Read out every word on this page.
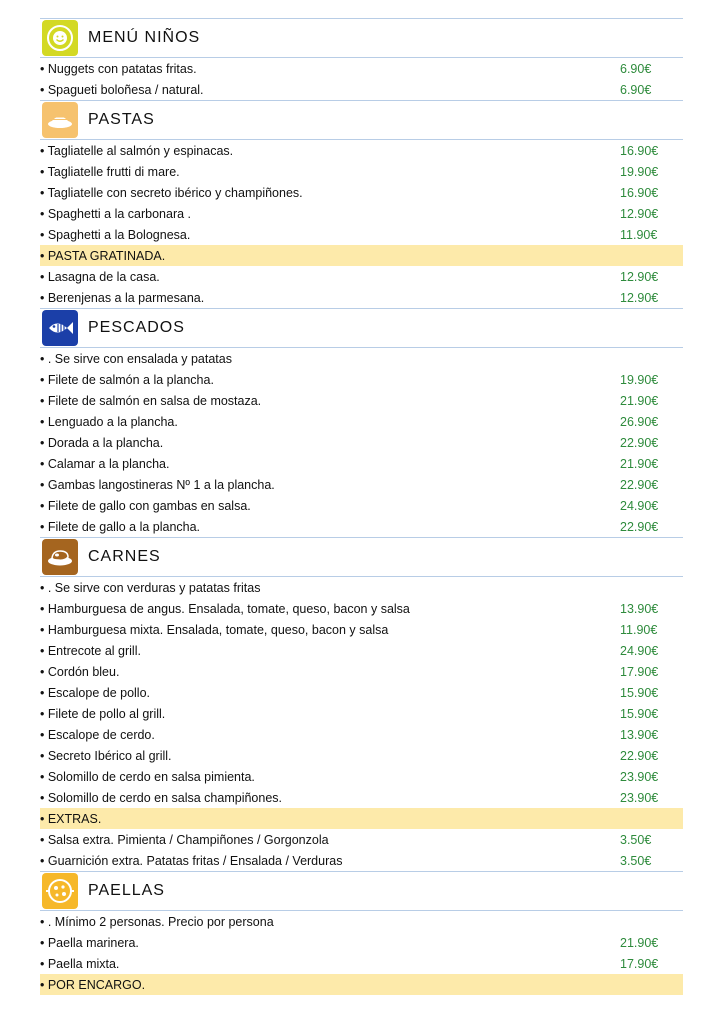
MENÚ NIÑOS
• Nuggets con patatas fritas.	6.90€
• Spagueti boloñesa / natural.	6.90€
PASTAS
• Tagliatelle al salmón y espinacas.	16.90€
• Tagliatelle frutti di mare.	19.90€
• Tagliatelle con secreto ibérico y champiñones.	16.90€
• Spaghetti a la carbonara .	12.90€
• Spaghetti a la Bolognesa.	11.90€
• PASTA GRATINADA.
• Lasagna de la casa.	12.90€
• Berenjenas a la parmesana.	12.90€
PESCADOS
• . Se sirve con ensalada y patatas
• Filete de salmón a la plancha.	19.90€
• Filete de salmón en salsa de mostaza.	21.90€
• Lenguado a la plancha.	26.90€
• Dorada a la plancha.	22.90€
• Calamar a la plancha.	21.90€
• Gambas langostineras Nº 1 a la plancha.	22.90€
• Filete de gallo con gambas en salsa.	24.90€
• Filete de gallo a la plancha.	22.90€
CARNES
• . Se sirve con verduras y patatas fritas
• Hamburguesa de angus. Ensalada, tomate, queso, bacon y salsa	13.90€
• Hamburguesa mixta. Ensalada, tomate, queso, bacon y salsa	11.90€
• Entrecote al grill.	24.90€
• Cordón bleu.	17.90€
• Escalope de pollo.	15.90€
• Filete de pollo al grill.	15.90€
• Escalope de cerdo.	13.90€
• Secreto Ibérico al grill.	22.90€
• Solomillo de cerdo en salsa pimienta.	23.90€
• Solomillo de cerdo en salsa champiñones.	23.90€
• EXTRAS.
• Salsa extra. Pimienta / Champiñones / Gorgonzola	3.50€
• Guarnición extra. Patatas fritas / Ensalada / Verduras	3.50€
PAELLAS
• . Mínimo 2 personas. Precio por persona
• Paella marinera.	21.90€
• Paella mixta.	17.90€
• POR ENCARGO.
